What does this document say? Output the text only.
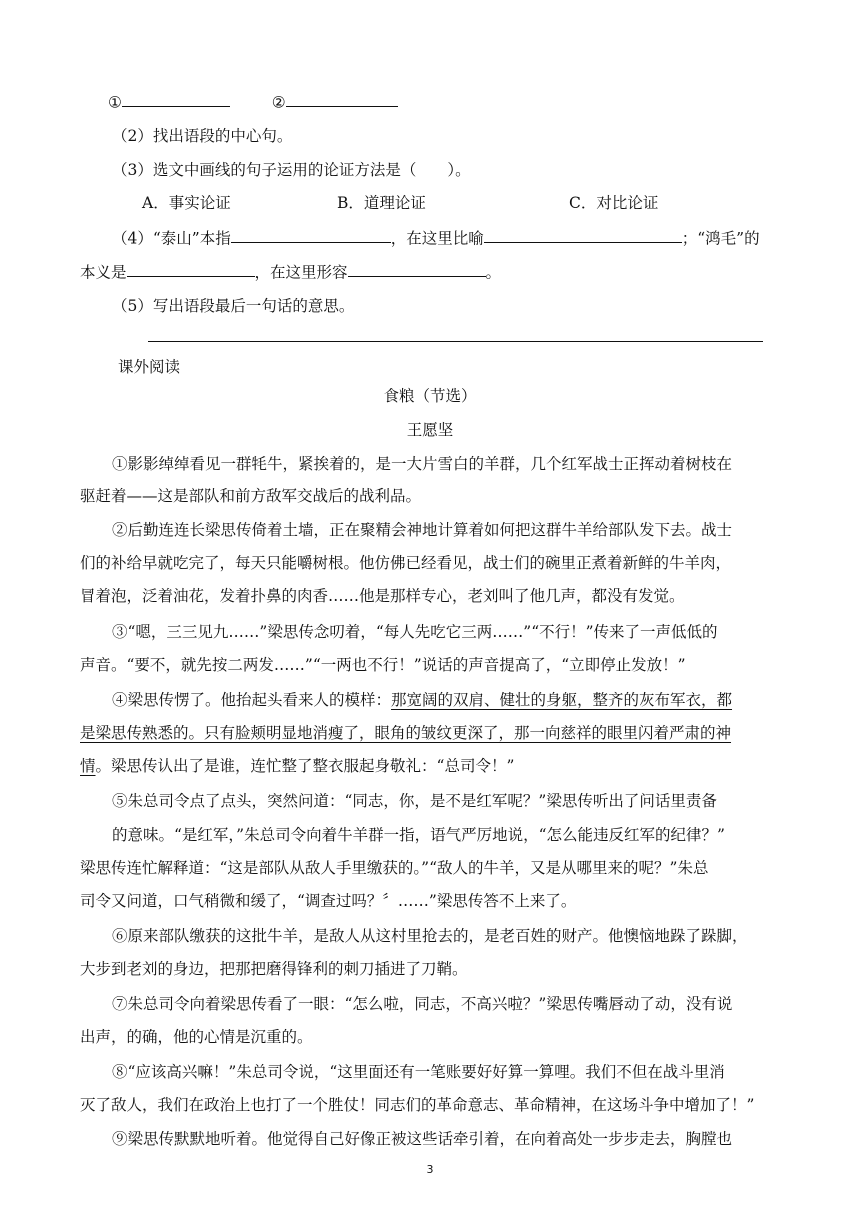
①	②
（2）找出语段的中心句。
（3）选文中画线的句子运用的论证方法是（　　）。
A．事实论证	B．道理论证	C．对比论证
（4）“泰山”本指	，在这里比喻	；“鸿毛”的
本义是	，在这里形容	。
（5）写出语段最后一句话的意思。
课外阅读
食粮（节选）
王愿坚
①影影绰绰看见一群牦牛，紧挨着的，是一大片雪白的羊群，几个红军战士正挥动着树枝在
驱赶着——这是部队和前方敌军交战后的战利品。
②后勤连连长梁思传倚着土墙，正在聚精会神地计算着如何把这群牛羊给部队发下去。战士
们的补给早就吃完了，每天只能嚼树根。他仿佛已经看见，战士们的碗里正煮着新鲜的牛羊肉，
冒着泡，泛着油花，发着扑鼻的肉香……他是那样专心，老刘叫了他几声，都没有发觉。
③“嗯，三三见九……”梁思传念叨着，“每人先吃它三两……”“不行！”传来了一声低低的
声音。“要不，就先按二两发……”“一两也不行！”说话的声音提高了，“立即停止发放！”
④梁思传愣了。他抬起头看来人的模样：那宽阔的双肩、健壮的身躯，整齐的灰布军衣，都
是梁思传熟悉的。只有脸颊明显地消瘦了，眼角的皱纹更深了，那一向慈祥的眼里闪着严肃的神
情。梁思传认出了是谁，连忙整了整衣服起身敬礼：“总司令！”
⑤朱总司令点了点头，突然问道：“同志，你，是不是红军呢？”梁思传听出了问话里责备
的意味。“是红军，”朱总司令向着牛羊群一指，语气严厉地说，“怎么能违反红军的纪律？”
梁思传连忙解释道：“这是部队从敌人手里缴获的。”“敌人的牛羊，又是从哪里来的呢？”朱总
司令又问道，口气稍微和缓了，“调查过吗？〞……”梁思传答不上来了。
⑥原来部队缴获的这批牛羊，是敌人从这村里抢去的，是老百姓的财产。他懊恼地跺了跺脚，
大步到老刘的身边，把那把磨得锋利的刺刀插进了刀鞘。
⑦朱总司令向着梁思传看了一眼：“怎么啦，同志，不高兴啦？”梁思传嘴唇动了动，没有说
出声，的确，他的心情是沉重的。
⑧“应该高兴嘛！”朱总司令说，“这里面还有一笔账要好好算一算哩。我们不但在战斗里消
灭了敌人，我们在政治上也打了一个胜仗！同志们的革命意志、革命精神，在这场斗争中增加了！”
⑨梁思传默默地听着。他觉得自己好像正被这些话牵引着，在向着高处一步步走去，胸膛也
3
